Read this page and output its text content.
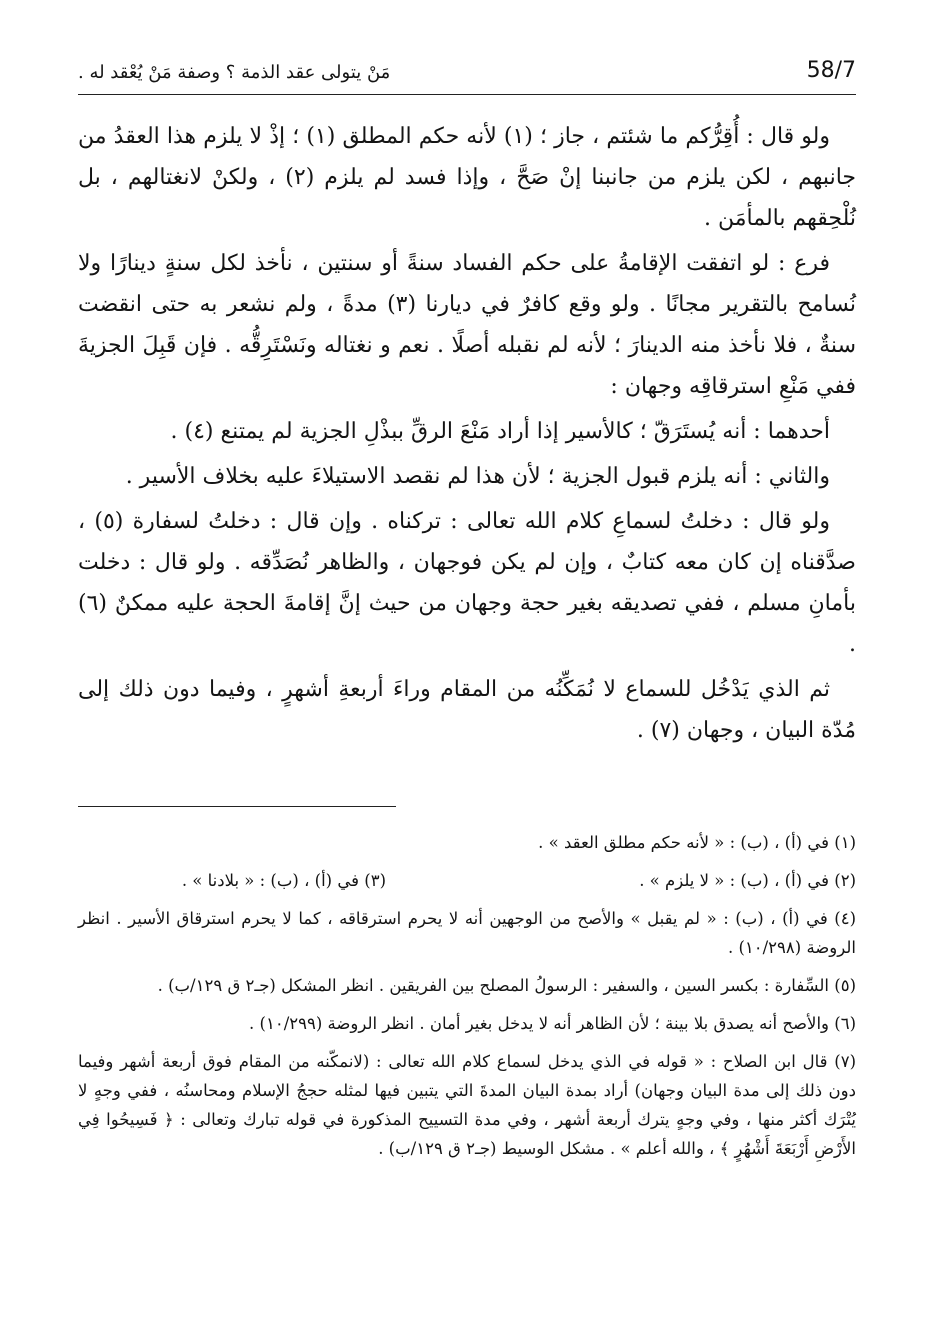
58/7
مَنْ يتولى عقد الذمة ؟ وصفة مَنْ يُعْقد له .

ولو قال : أُقِرُّكم ما شئتم ، جاز ؛ (١) لأنه حكم المطلق (١) ؛ إذْ لا يلزم هذا العقدُ من جانبهم ، لكن يلزم من جانبنا إنْ صَحَّ ، وإذا فسد لم يلزم (٢) ، ولكنْ لانغتالهم ، بل نُلْحِقهم بالمأمَن .

فرع : لو اتفقت الإقامةُ على حكم الفساد سنةً أو سنتين ، نأخذ لكل سنةٍ دينارًا ولا نُسامح بالتقرير مجانًا . ولو وقع كافرٌ في ديارنا (٣) مدةً ، ولم نشعر به حتى انقضت سنةٌ ، فلا نأخذ منه الدينارَ ؛ لأنه لم نقبله أصلًا . نعم و نغتاله ونَسْتَرِقُّه . فإن قَبِلَ الجزيةَ ففي مَنْعِ استرقاقِه وجهان :

أحدهما : أنه يُستَرَقّ ؛ كالأسير إذا أراد مَنْعَ الرقِّ ببذْلِ الجزية لم يمتنع (٤) .

والثاني : أنه يلزم قبول الجزية ؛ لأن هذا لم نقصد الاستيلاءَ عليه بخلاف الأسير .

ولو قال : دخلتُ لسماعِ كلام الله تعالى : تركناه . وإن قال : دخلتُ لسفارة (٥) ، صدَّقناه إن كان معه كتابٌ ، وإن لم يكن فوجهان ، والظاهر نُصَدِّقه . ولو قال : دخلت بأمانِ مسلم ، ففي تصديقه بغير حجة وجهان من حيث إنَّ إقامةَ الحجة عليه ممكنٌ (٦) .

ثم الذي يَدْخُل للسماع لا نُمَكِّنُه من المقام وراءَ أربعةِ أشهرٍ ، وفيما دون ذلك إلى مُدّة البيان ، وجهان (٧) .

(١) في (أ) ، (ب) : « لأنه حكم مطلق العقد » .

(٢) في (أ) ، (ب) : « لا يلزم » .

(٣) في (أ) ، (ب) : « بلادنا » .

(٤) في (أ) ، (ب) : « لم يقبل » والأصح من الوجهين أنه لا يحرم استرقاقه ، كما لا يحرم استرقاق الأسير . انظر الروضة (١٠/٢٩٨) .

(٥) السِّفارة : بكسر السين ، والسفير : الرسولُ المصلح بين الفريقين . انظر المشكل (جـ٢ ق ١٢٩/ب) .

(٦) والأصح أنه يصدق بلا بينة ؛ لأن الظاهر أنه لا يدخل بغير أمان . انظر الروضة (١٠/٢٩٩) .

(٧) قال ابن الصلاح : « قوله في الذي يدخل لسماع كلام الله تعالى : (لانمكّنه من المقام فوق أربعة أشهر وفيما دون ذلك إلى مدة البيان وجهان) أراد بمدة البيان المدةَ التي يتبين فيها لمثله حججُ الإسلام ومحاسنُه ، ففي وجهٍ لا يُتْرَك أكثر منها ، وفي وجهٍ يترك أربعة أشهر ، وفي مدة التسييح المذكورة في قوله تبارك وتعالى : ﴿ فَسِيحُوا فِي الأَرْضِ أَرْبَعَةَ أَشْهُرٍ ﴾ ، والله أعلم » . مشكل الوسيط (جـ٢ ق ١٢٩/ب) .
